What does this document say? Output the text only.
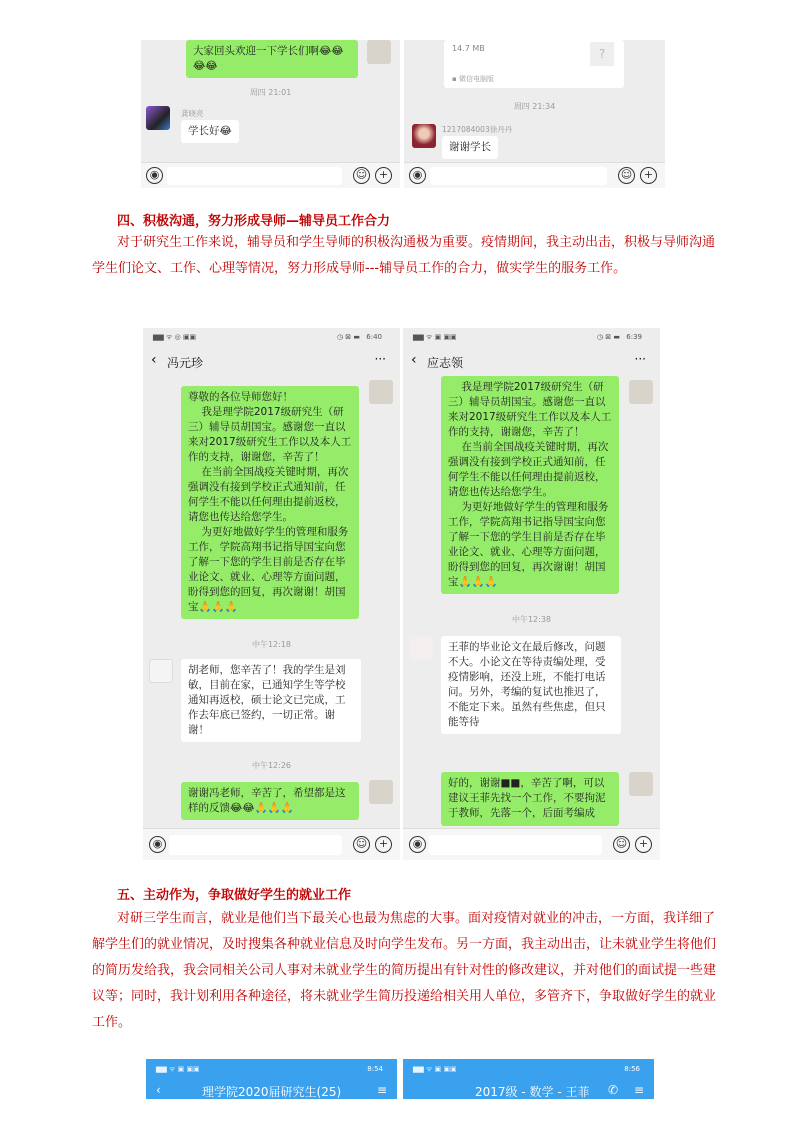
大家回头欢迎一下学长们啊😂😂😂😂
周四 21:01
龚晓亮
学长好😂
◉	☺	+
14.7 MB	?
▪ 微信电脑版
周四 21:34
1217084003徐丹丹
谢谢学长
◉	☺	+
四、积极沟通，努力形成导师—辅导员工作合力
对于研究生工作来说，辅导员和学生导师的积极沟通极为重要。疫情期间，我主动出击，积极与导师沟通学生们论文、工作、心理等情况，努力形成导师---辅导员工作的合力，做实学生的服务工作。
▆▆ ᯤ ◎ ▣▣	◷ ⊠ ▬ 6:40
‹ 冯元珍	···
尊敬的各位导师您好！
我是理学院2017级研究生（研三）辅导员胡国宝。感谢您一直以来对2017级研究生工作以及本人工作的支持，谢谢您，辛苦了！
在当前全国战疫关键时期，再次强调没有接到学校正式通知前，任何学生不能以任何理由提前返校，请您也传达给您学生。
为更好地做好学生的管理和服务工作，学院高翔书记指导国宝向您了解一下您的学生目前是否存在毕业论文、就业、心理等方面问题，盼得到您的回复，再次谢谢！胡国宝🙏🙏🙏
中午12:18
胡老师，您辛苦了！我的学生是刘敏，目前在家，已通知学生等学校通知再返校，硕士论文已完成，工作去年底已签约，一切正常。谢谢！
中午12:26
谢谢冯老师，辛苦了，希望都是这样的反馈😂😂🙏🙏🙏
◉	☺	+
▆▆ ᯤ ▣ ▣▣	◷ ⊠ ▬ 6:39
‹ 应志领	···
我是理学院2017级研究生（研三）辅导员胡国宝。感谢您一直以来对2017级研究生工作以及本人工作的支持，谢谢您，辛苦了！
在当前全国战疫关键时期，再次强调没有接到学校正式通知前，任何学生不能以任何理由提前返校，请您也传达给您学生。
为更好地做好学生的管理和服务工作，学院高翔书记指导国宝向您了解一下您的学生目前是否存在毕业论文、就业、心理等方面问题，盼得到您的回复，再次谢谢！胡国宝🙏🙏🙏
中午12:38
王菲的毕业论文在最后修改，问题不大。小论文在等待责编处理，受疫情影响，还没上班，不能打电话问。另外，考编的复试也推迟了，不能定下来。虽然有些焦虑，但只能等待
好的，谢谢■■，辛苦了啊，可以建议王菲先找一个工作，不要拘泥于教师，先落一个，后面考编成
◉	☺	+
五、主动作为，争取做好学生的就业工作
对研三学生而言，就业是他们当下最关心也最为焦虑的大事。面对疫情对就业的冲击，一方面，我详细了解学生们的就业情况，及时搜集各种就业信息及时向学生发布。另一方面，我主动出击，让未就业学生将他们的简历发给我，我会同相关公司人事对未就业学生的简历提出有针对性的修改建议，并对他们的面试提一些建议等；同时，我计划利用各种途径，将未就业学生简历投递给相关用人单位，多管齐下，争取做好学生的就业工作。
▆▆ ᯤ ▣ ▣▣	8:54
‹	理学院2020届研究生(25)	≡
▆▆ ᯤ ▣ ▣▣	8:56
2017级 - 数学 - 王菲 ✆ ≡
